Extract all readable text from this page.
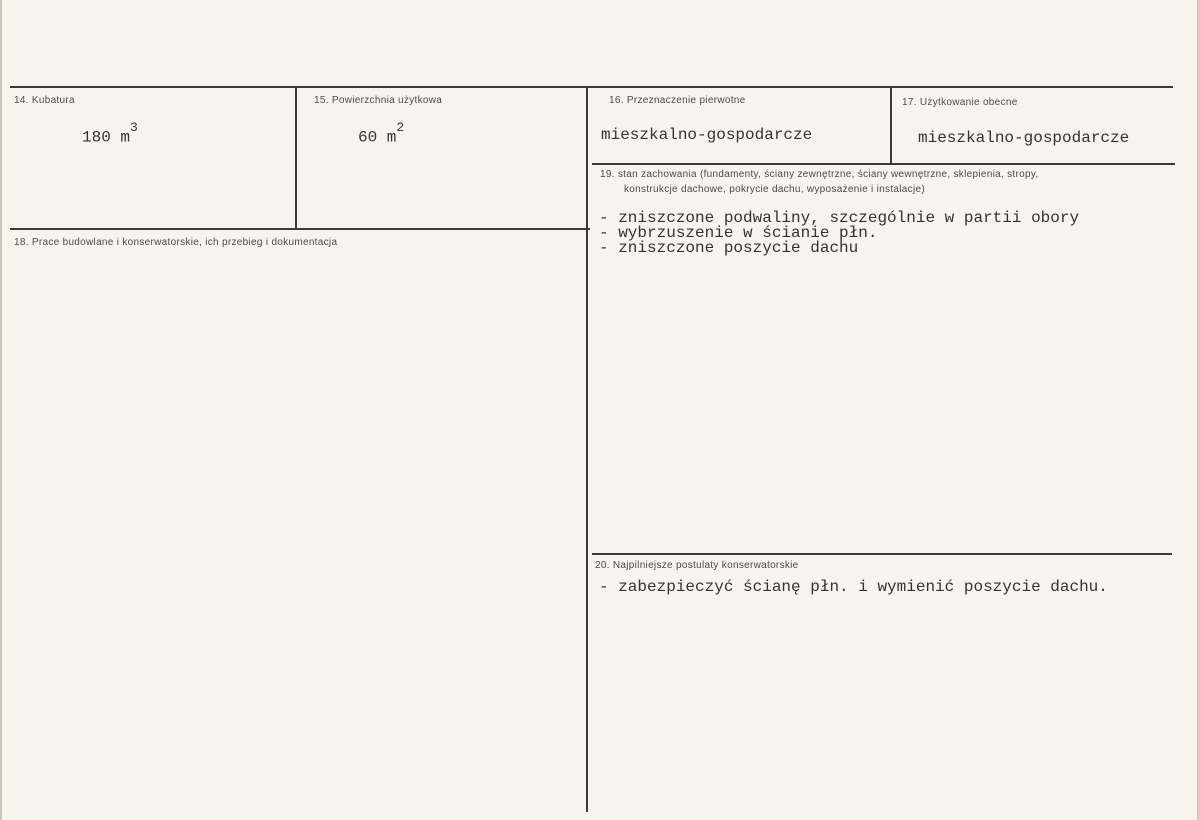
14. Kubatura
180 $m^3$
15. Powierzchnia użytkowa
60 $m^2$
16. Przeznaczenie pierwotne
mieszkalno-gospodarcze
17. Użytkowanie obecne
mieszkalno-gospodarcze
18. Prace budowlane i konserwatorskie, ich przebieg i dokumentacja
19. stan zachowania (fundamenty, ściany zewnętrzne, ściany wewnętrzne, sklepienia, stropy,
konstrukcje dachowe, pokrycie dachu, wyposażenie i instalacje)
- zniszczone podwaliny, szczególnie w partii obory
- wybrzuszenie w ścianie płn.
- zniszczone poszycie dachu
20. Najpilniejsze postulaty konserwatorskie
- zabezpieczyć ścianę płn. i wymienić poszycie dachu.
